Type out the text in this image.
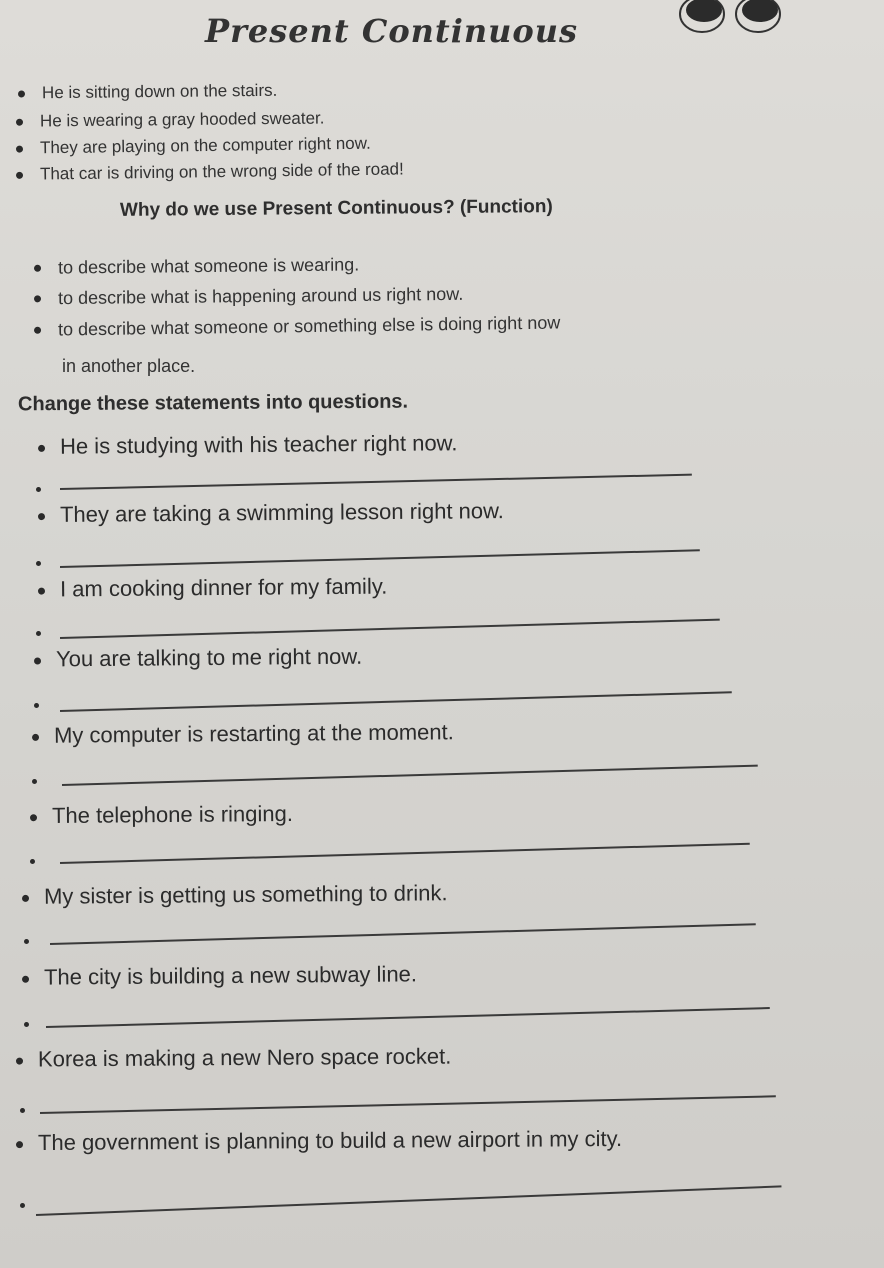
Present Continuous
He is sitting down on the stairs.
He is wearing a gray hooded sweater.
They are playing on the computer right now.
That car is driving on the wrong side of the road!
Why do we use Present Continuous? (Function)
to describe what someone is wearing.
to describe what is happening around us right now.
to describe what someone or something else is doing right now
in another place.
Change these statements into questions.
He is studying with his teacher right now.
They are taking a swimming lesson right now.
I am cooking dinner for my family.
You are talking to me right now.
My computer is restarting at the moment.
The telephone is ringing.
My sister is getting us something to drink.
The city is building a new subway line.
Korea is making a new Nero space rocket.
The government is planning to build a new airport in my city.
